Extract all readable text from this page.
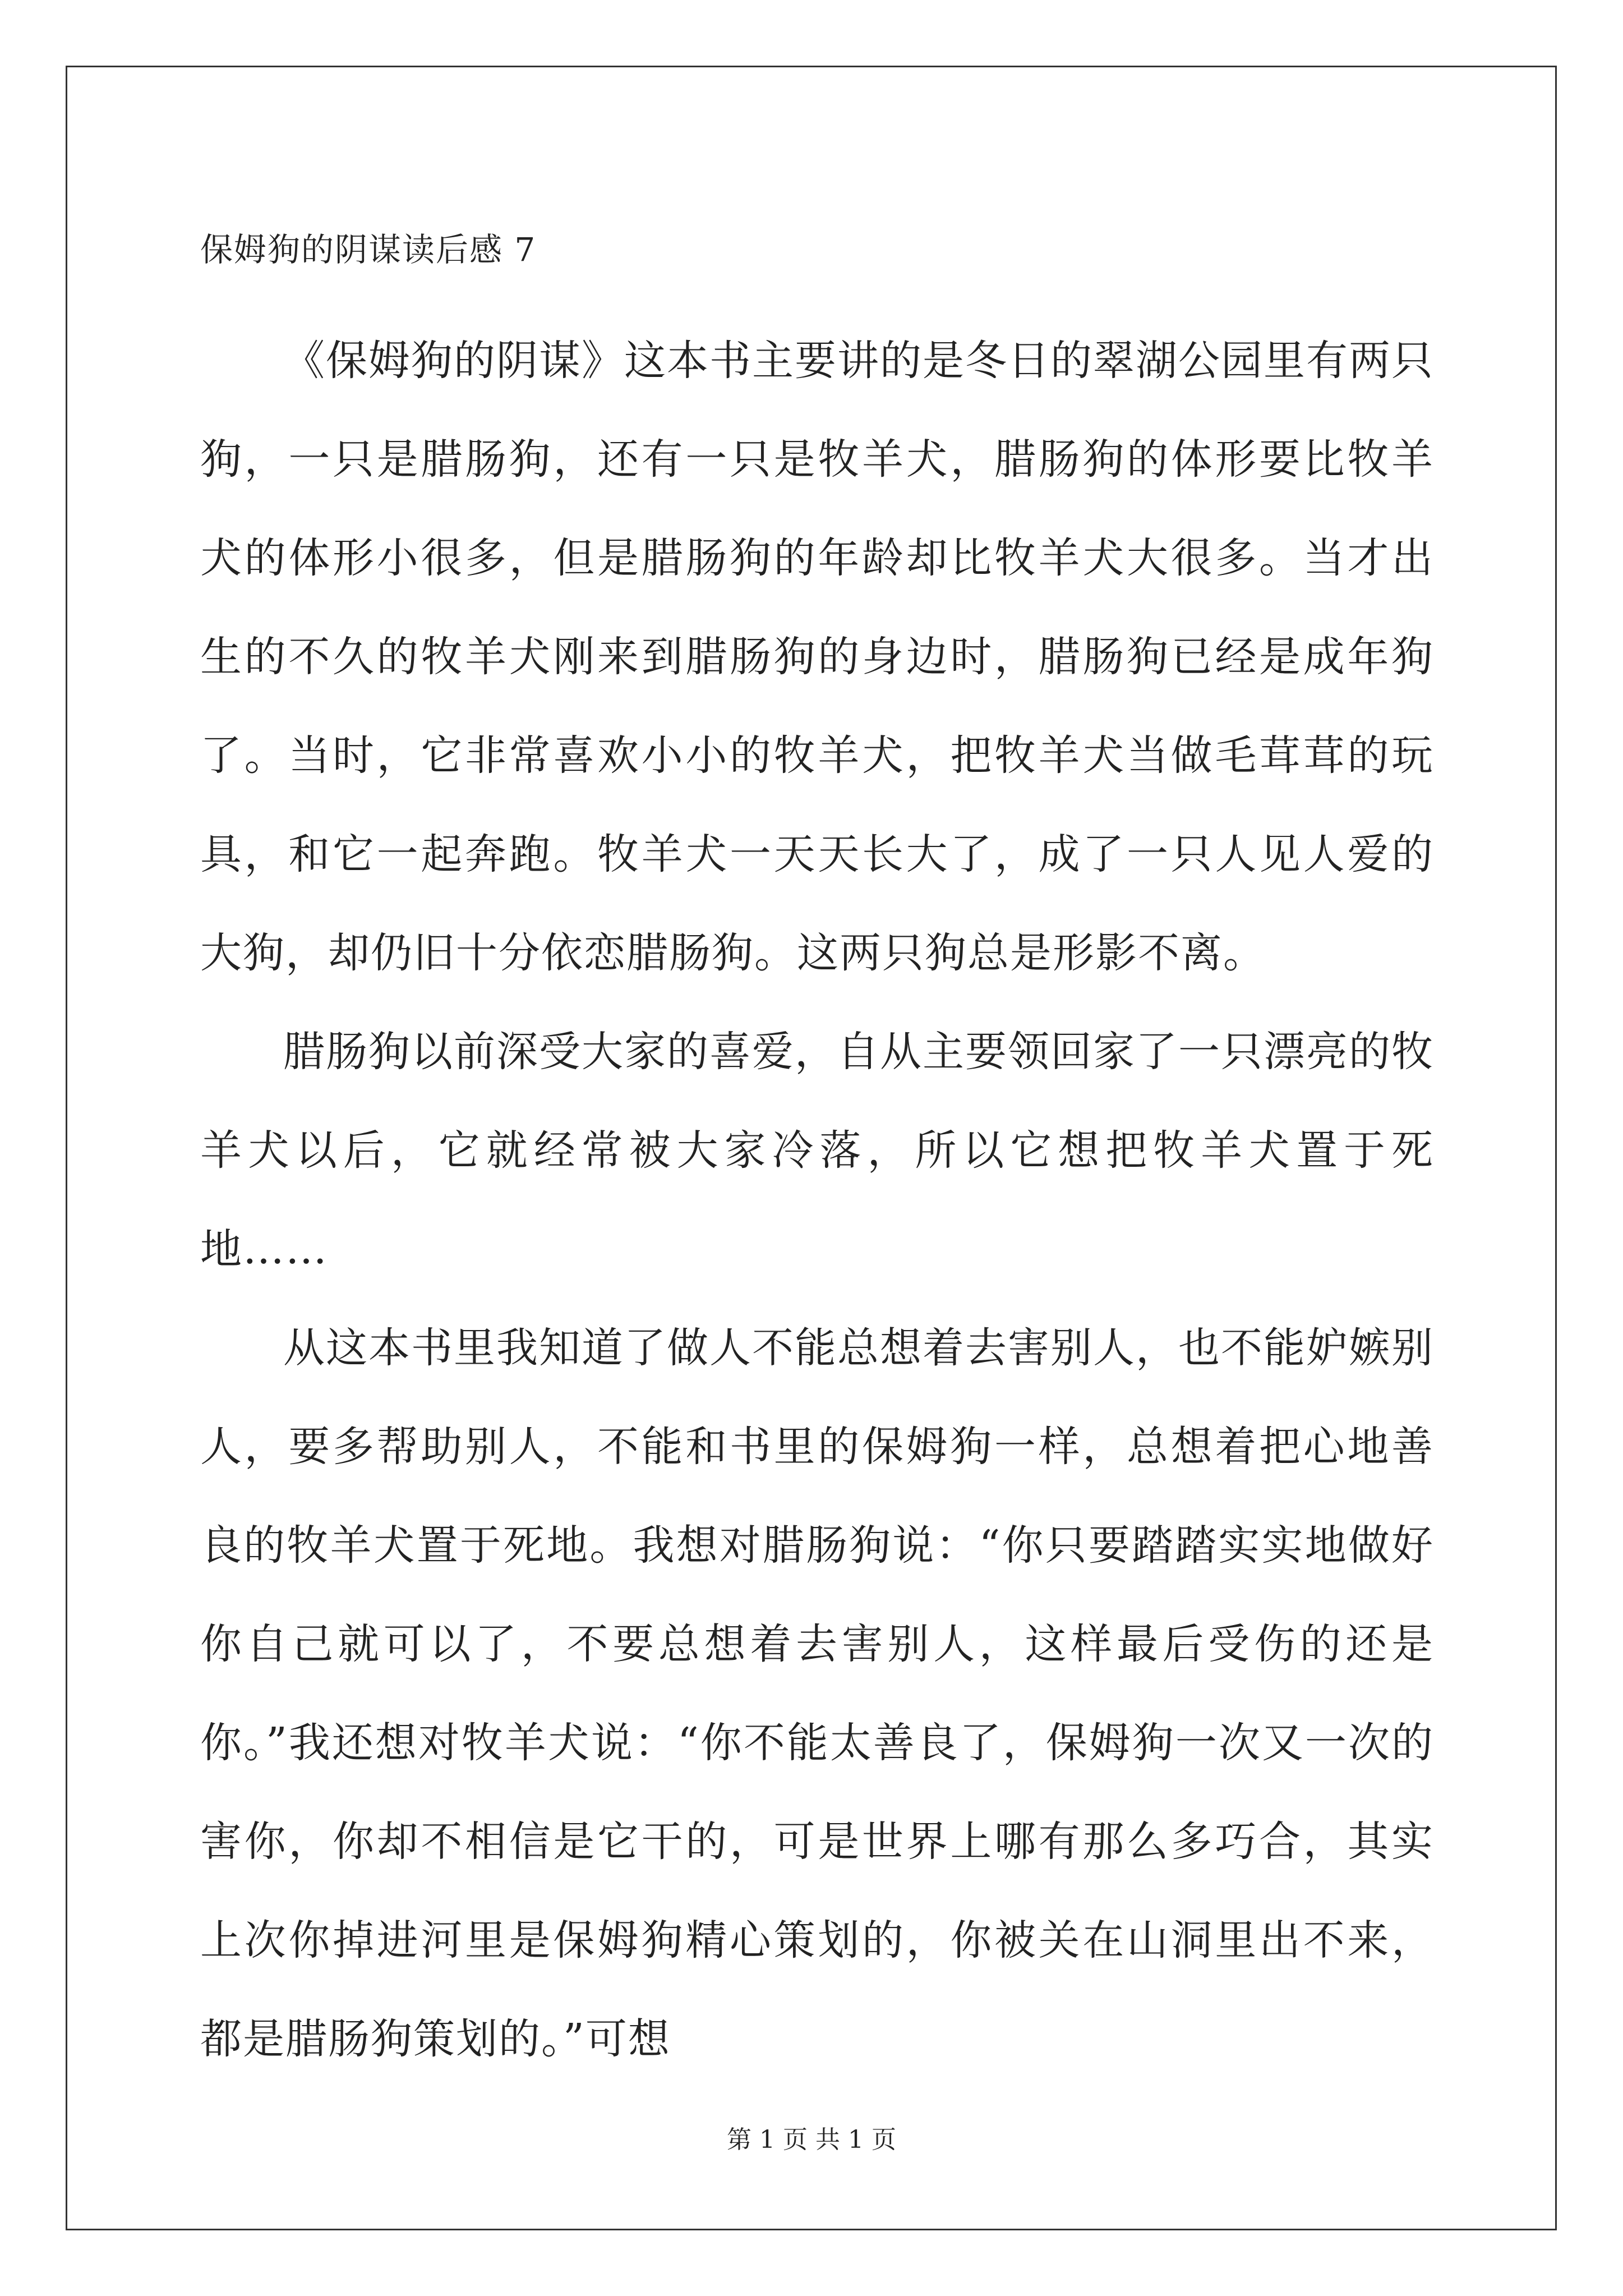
保姆狗的阴谋读后感 7

《保姆狗的阴谋》这本书主要讲的是冬日的翠湖公园里有两只狗，一只是腊肠狗，还有一只是牧羊犬，腊肠狗的体形要比牧羊犬的体形小很多，但是腊肠狗的年龄却比牧羊犬大很多。当才出生的不久的牧羊犬刚来到腊肠狗的身边时，腊肠狗已经是成年狗了。当时，它非常喜欢小小的牧羊犬，把牧羊犬当做毛茸茸的玩具，和它一起奔跑。牧羊犬一天天长大了，成了一只人见人爱的大狗，却仍旧十分依恋腊肠狗。这两只狗总是形影不离。

腊肠狗以前深受大家的喜爱，自从主要领回家了一只漂亮的牧羊犬以后，它就经常被大家冷落，所以它想把牧羊犬置于死地……

从这本书里我知道了做人不能总想着去害别人，也不能妒嫉别人，要多帮助别人，不能和书里的保姆狗一样，总想着把心地善良的牧羊犬置于死地。我想对腊肠狗说：“你只要踏踏实实地做好你自己就可以了，不要总想着去害别人，这样最后受伤的还是你。”我还想对牧羊犬说：“你不能太善良了，保姆狗一次又一次的害你，你却不相信是它干的，可是世界上哪有那么多巧合，其实上次你掉进河里是保姆狗精心策划的，你被关在山洞里出不来，都是腊肠狗策划的。”可想

第 1 页 共 1 页
